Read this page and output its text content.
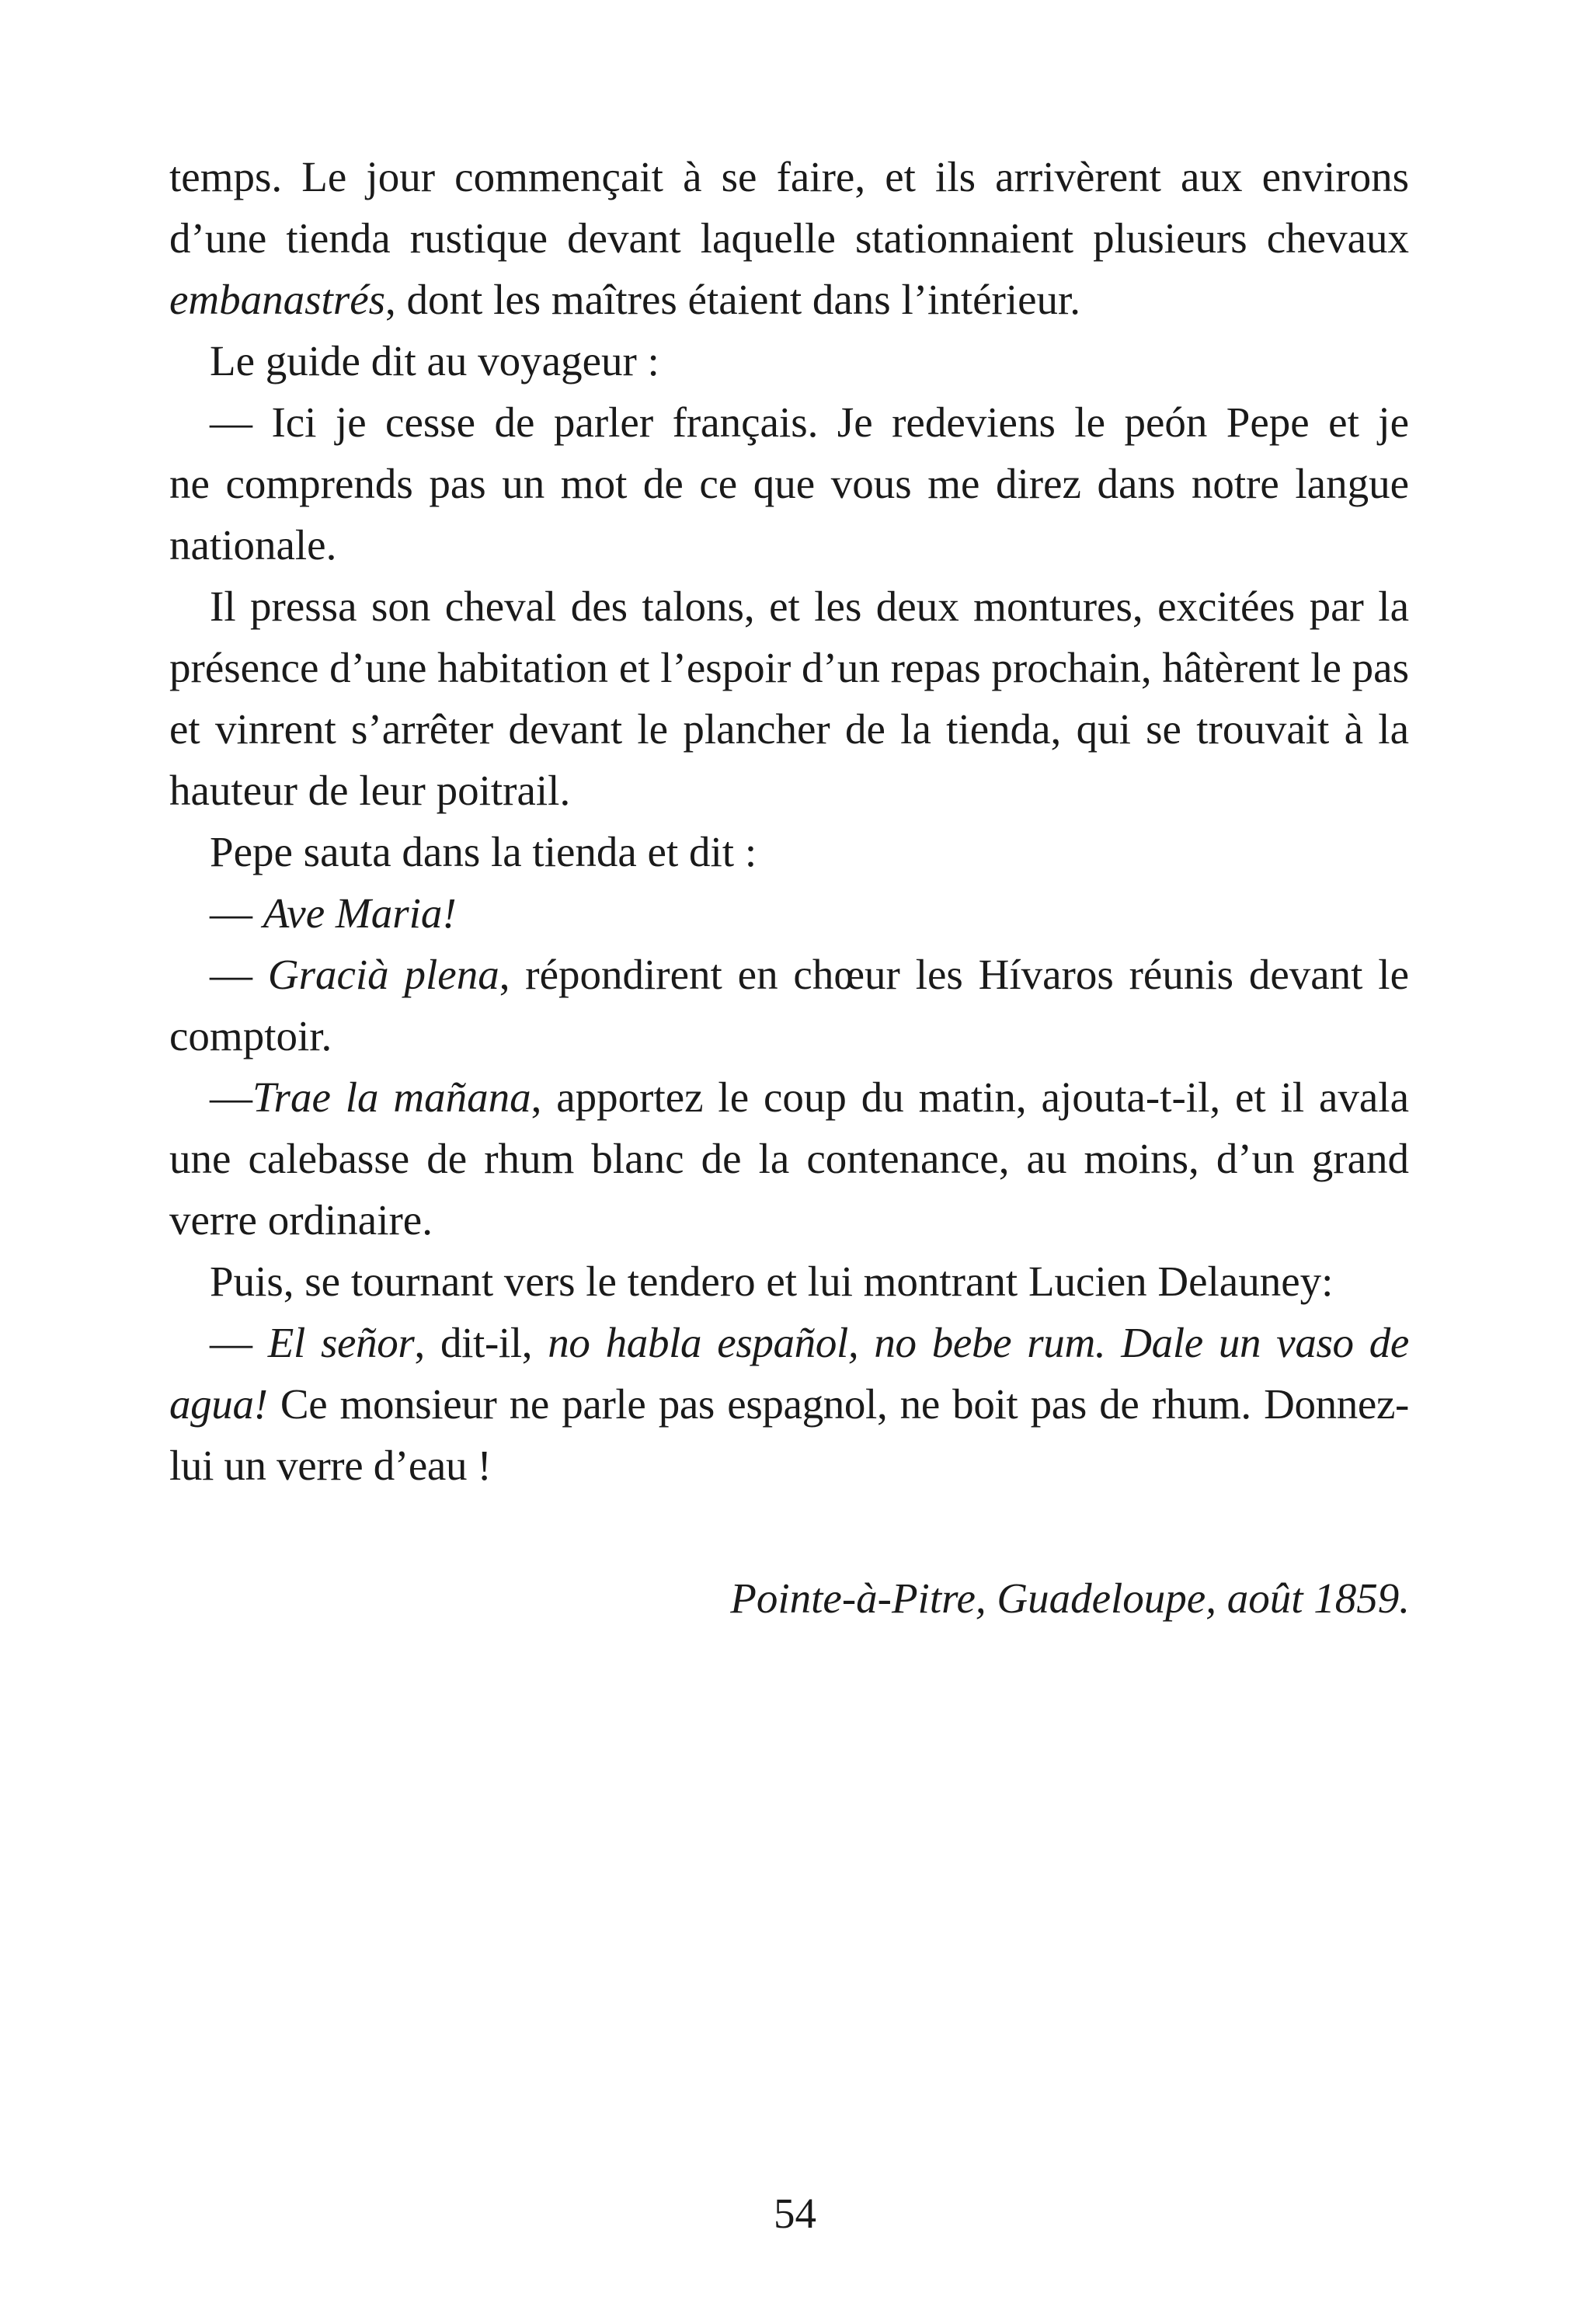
temps. Le jour commençait à se faire, et ils arrivèrent aux environs d’une tienda rustique devant laquelle stationnaient plusieurs chevaux embanastrés, dont les maîtres étaient dans l’intérieur.

Le guide dit au voyageur :

— Ici je cesse de parler français. Je redeviens le peón Pepe et je ne comprends pas un mot de ce que vous me direz dans notre langue nationale.

Il pressa son cheval des talons, et les deux montures, excitées par la présence d’une habitation et l’espoir d’un repas prochain, hâtèrent le pas et vinrent s’arrêter devant le plancher de la tienda, qui se trouvait à la hauteur de leur poitrail.

Pepe sauta dans la tienda et dit :

— Ave Maria!

— Gracià plena, répondirent en chœur les Hívaros réunis devant le comptoir.

—Trae la mañana, apportez le coup du matin, ajouta-t-il, et il avala une calebasse de rhum blanc de la contenance, au moins, d’un grand verre ordinaire.

Puis, se tournant vers le tendero et lui montrant Lucien Delauney:

— El señor, dit-il, no habla español, no bebe rum. Dale un vaso de agua! Ce monsieur ne parle pas espagnol, ne boit pas de rhum. Donnez-lui un verre d’eau !

Pointe-à-Pitre, Guadeloupe, août 1859.

54
